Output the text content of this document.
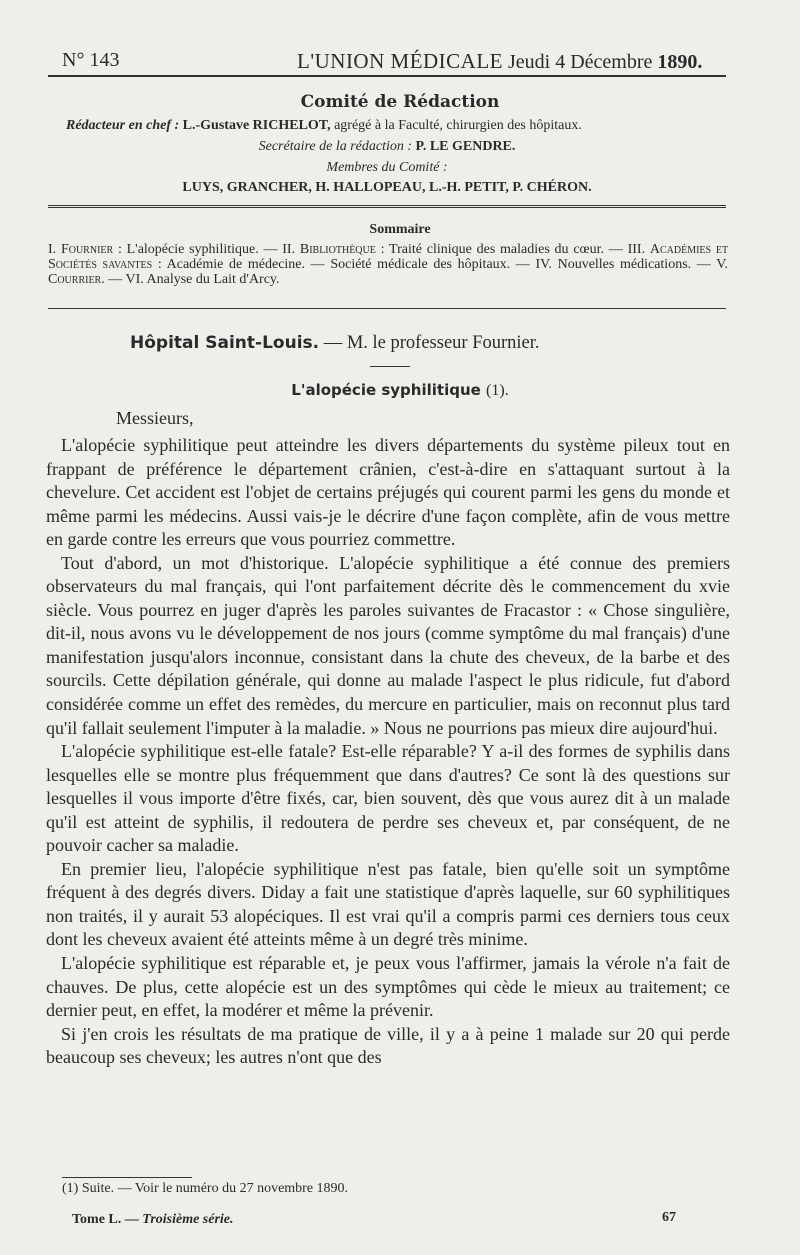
N° 143	L'UNION MÉDICALE Jeudi 4 Décembre 1890.
Comité de Rédaction
Rédacteur en chef : L.-Gustave RICHELOT, agrégé à la Faculté, chirurgien des hôpitaux.
Secrétaire de la rédaction : P. LE GENDRE.
Membres du Comité :
LUYS, GRANCHER, H. HALLOPEAU, L.-H. PETIT, P. CHÉRON.
Sommaire
I. Fournier : L'alopécie syphilitique. — II. Bibliothèque : Traité clinique des maladies du cœur. — III. Académies et Sociétés savantes : Académie de médecine. — Société médicale des hôpitaux. — IV. Nouvelles médications. — V. Courrier. — VI. Analyse du Lait d'Arcy.
Hôpital Saint-Louis. — M. le professeur Fournier.
L'alopécie syphilitique (1).
Messieurs,

L'alopécie syphilitique peut atteindre les divers départements du système pileux tout en frappant de préférence le département crânien, c'est-à-dire en s'attaquant surtout à la chevelure. Cet accident est l'objet de certains préjugés qui courent parmi les gens du monde et même parmi les médecins. Aussi vais-je le décrire d'une façon complète, afin de vous mettre en garde contre les erreurs que vous pourriez commettre.

Tout d'abord, un mot d'historique. L'alopécie syphilitique a été connue des premiers observateurs du mal français, qui l'ont parfaitement décrite dès le commencement du xvie siècle. Vous pourrez en juger d'après les paroles suivantes de Fracastor : « Chose singulière, dit-il, nous avons vu le développement de nos jours (comme symptôme du mal français) d'une manifestation jusqu'alors inconnue, consistant dans la chute des cheveux, de la barbe et des sourcils. Cette dépilation générale, qui donne au malade l'aspect le plus ridicule, fut d'abord considérée comme un effet des remèdes, du mercure en particulier, mais on reconnut plus tard qu'il fallait seulement l'imputer à la maladie. » Nous ne pourrions pas mieux dire aujourd'hui.

L'alopécie syphilitique est-elle fatale? Est-elle réparable? Y a-il des formes de syphilis dans lesquelles elle se montre plus fréquemment que dans d'autres? Ce sont là des questions sur lesquelles il vous importe d'être fixés, car, bien souvent, dès que vous aurez dit à un malade qu'il est atteint de syphilis, il redoutera de perdre ses cheveux et, par conséquent, de ne pouvoir cacher sa maladie.

En premier lieu, l'alopécie syphilitique n'est pas fatale, bien qu'elle soit un symptôme fréquent à des degrés divers. Diday a fait une statistique d'après laquelle, sur 60 syphilitiques non traités, il y aurait 53 alopéciques. Il est vrai qu'il a compris parmi ces derniers tous ceux dont les cheveux avaient été atteints même à un degré très minime.

L'alopécie syphilitique est réparable et, je peux vous l'affirmer, jamais la vérole n'a fait de chauves. De plus, cette alopécie est un des symptômes qui cède le mieux au traitement; ce dernier peut, en effet, la modérer et même la prévenir.

Si j'en crois les résultats de ma pratique de ville, il y a à peine 1 malade sur 20 qui perde beaucoup ses cheveux; les autres n'ont que des

(1) Suite. — Voir le numéro du 27 novembre 1890.
Tome L. — Troisième série.	67
